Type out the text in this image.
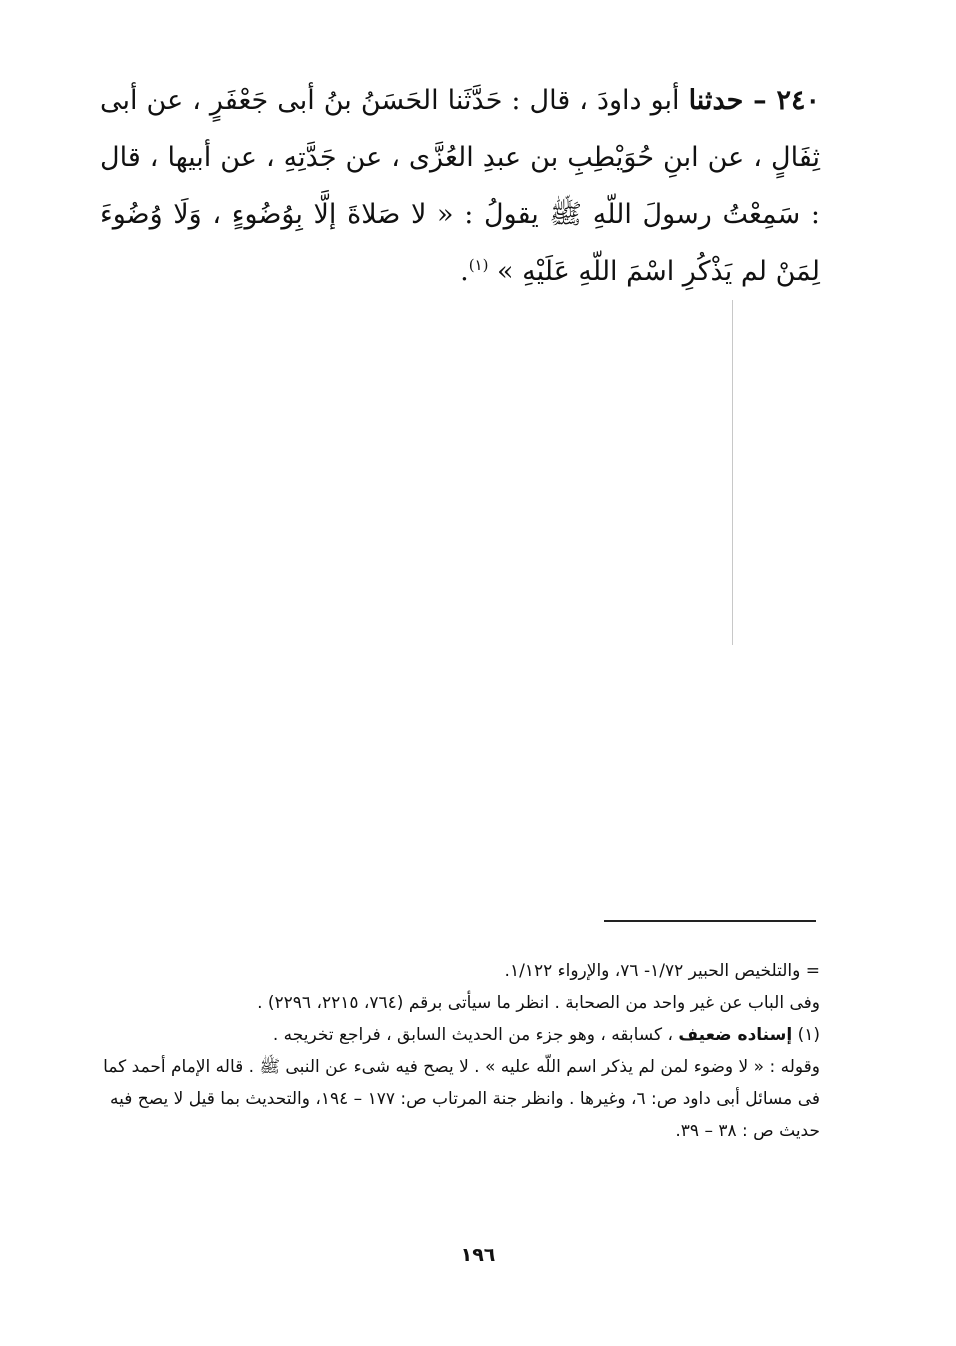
٢٤٠ – حدثنا أبو داودَ ، قال : حَدَّثَنا الحَسَنُ بنُ أبى جَعْفَرٍ ، عن أبى ثِفَالٍ ، عن ابنِ حُوَيْطِبِ بن عبدِ العُزَّى ، عن جَدَّتِهِ ، عن أبيها ، قال : سَمِعْتُ رسولَ اللّهِ ﷺ يقولُ : « لا صَلاةَ إلَّا بِوُضُوءٍ ، وَلَا وُضُوءَ لِمَنْ لم يَذْكُرِ اسْمَ اللّهِ عَلَيْهِ » $^{(١)}$.

= والتلخيص الحبير ١/٧٢- ٧٦، والإرواء ١/١٢٢.

وفى الباب عن غير واحد من الصحابة . انظر ما سيأتى برقم (٧٦٤، ٢٢١٥، ٢٢٩٦) .

(١) إسناده ضعيف ، كسابقه ، وهو جزء من الحديث السابق ، فراجع تخريجه .

وقوله : « لا وضوء لمن لم يذكر اسم اللّه عليه » . لا يصح فيه شىء عن النبى ﷺ . قاله الإمام أحمد كما فى مسائل أبى داود ص: ٦، وغيرها . وانظر جنة المرتاب ص: ١٧٧ – ١٩٤، والتحديث بما قيل لا يصح فيه حديث ص : ٣٨ – ٣٩.

١٩٦
